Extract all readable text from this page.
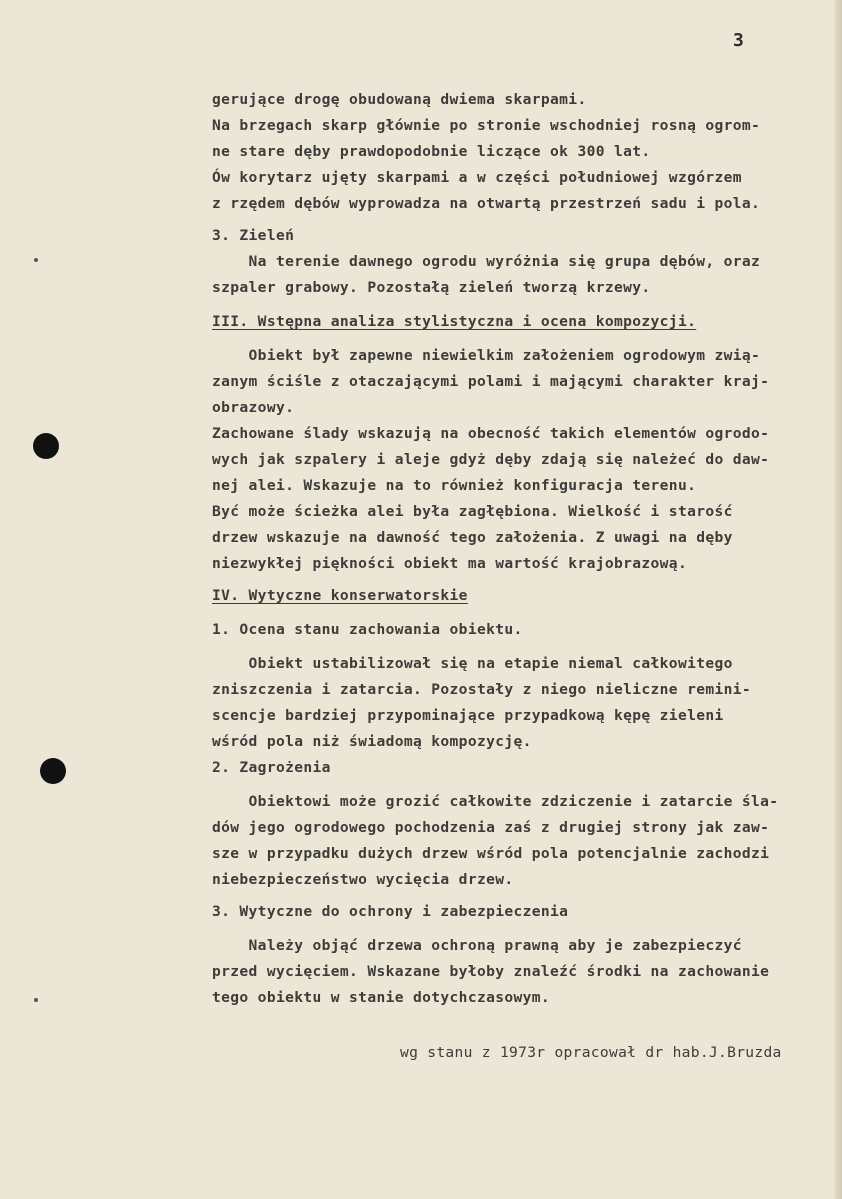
3
gerujące drogę obudowaną dwiema skarpami.
Na brzegach skarp głównie po stronie wschodniej rosną ogrom-
ne stare dęby prawdopodobnie liczące ok 300 lat.
Ów korytarz ujęty skarpami a w części południowej wzgórzem
z rzędem dębów wyprowadza na otwartą przestrzeń sadu i pola.
3. Zieleń
Na terenie dawnego ogrodu wyróżnia się grupa dębów, oraz
szpaler grabowy. Pozostałą zieleń tworzą krzewy.
III. Wstępna analiza stylistyczna i ocena kompozycji.
Obiekt był zapewne niewielkim założeniem ogrodowym zwią-
zanym ściśle z otaczającymi polami i mającymi charakter kraj-
obrazowy.
Zachowane ślady wskazują na obecność takich elementów ogrodo-
wych jak szpalery i aleje gdyż dęby zdają się należeć do daw-
nej alei. Wskazuje na to również konfiguracja terenu.
Być może ścieżka alei była zagłębiona. Wielkość i starość
drzew wskazuje na dawność tego założenia. Z uwagi na dęby
niezwykłej piękności obiekt ma wartość krajobrazową.
IV. Wytyczne konserwatorskie
1. Ocena stanu zachowania obiektu.
Obiekt ustabilizował się na etapie niemal całkowitego
zniszczenia i zatarcia. Pozostały z niego nieliczne remini-
scencje bardziej przypominające przypadkową kępę zieleni
wśród pola niż świadomą kompozycję.
2. Zagrożenia
Obiektowi może grozić całkowite zdziczenie i zatarcie śla-
dów jego ogrodowego pochodzenia zaś z drugiej strony jak zaw-
sze w przypadku dużych drzew wśród pola potencjalnie zachodzi
niebezpieczeństwo wycięcia drzew.
3. Wytyczne do ochrony i zabezpieczenia
Należy objąć drzewa ochroną prawną aby je zabezpieczyć
przed wycięciem. Wskazane byłoby znaleźć środki na zachowanie
tego obiektu w stanie dotychczasowym.
wg stanu z 1973r opracował dr hab.J.Bruzda
